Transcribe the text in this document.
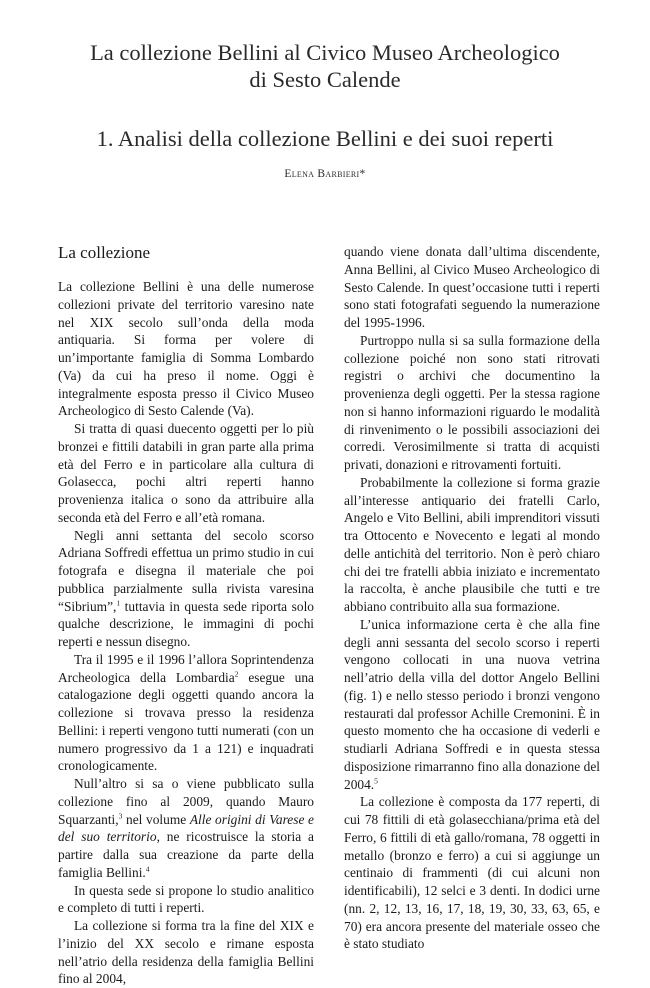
La collezione Bellini al Civico Museo Archeologico
di Sesto Calende
1. Analisi della collezione Bellini e dei suoi reperti
Elena Barbieri*
La collezione

La collezione Bellini è una delle numerose collezioni private del territorio varesino nate nel XIX secolo sull’onda della moda antiquaria. Si forma per volere di un’importante famiglia di Somma Lombardo (Va) da cui ha preso il nome. Oggi è integralmente esposta presso il Civico Museo Archeologico di Sesto Calende (Va).

Si tratta di quasi duecento oggetti per lo più bronzei e fittili databili in gran parte alla prima età del Ferro e in particolare alla cultura di Golasecca, pochi altri reperti hanno provenienza italica o sono da attribuire alla seconda età del Ferro e all’età romana.

Negli anni settanta del secolo scorso Adriana Soffredi effettua un primo studio in cui fotografa e disegna il materiale che poi pubblica parzialmente sulla rivista varesina “Sibrium”,$^1$ tuttavia in questa sede riporta solo qualche descrizione, le immagini di pochi reperti e nessun disegno.

Tra il 1995 e il 1996 l’allora Soprintendenza Archeologica della Lombardia$^2$ esegue una catalogazione degli oggetti quando ancora la collezione si trovava presso la residenza Bellini: i reperti vengono tutti numerati (con un numero progressivo da 1 a 121) e inquadrati cronologicamente.

Null’altro si sa o viene pubblicato sulla collezione fino al 2009, quando Mauro Squarzanti,$^3$ nel volume Alle origini di Varese e del suo territorio, ne ricostruisce la storia a partire dalla sua creazione da parte della famiglia Bellini.$^4$

In questa sede si propone lo studio analitico e completo di tutti i reperti.

La collezione si forma tra la fine del XIX e l’inizio del XX secolo e rimane esposta nell’atrio della residenza della famiglia Bellini fino al 2004,

quando viene donata dall’ultima discendente, Anna Bellini, al Civico Museo Archeologico di Sesto Calende. In quest’occasione tutti i reperti sono stati fotografati seguendo la numerazione del 1995-1996.

Purtroppo nulla si sa sulla formazione della collezione poiché non sono stati ritrovati registri o archivi che documentino la provenienza degli oggetti. Per la stessa ragione non si hanno informazioni riguardo le modalità di rinvenimento o le possibili associazioni dei corredi. Verosimilmente si tratta di acquisti privati, donazioni e ritrovamenti fortuiti.

Probabilmente la collezione si forma grazie all’interesse antiquario dei fratelli Carlo, Angelo e Vito Bellini, abili imprenditori vissuti tra Ottocento e Novecento e legati al mondo delle antichità del territorio. Non è però chiaro chi dei tre fratelli abbia iniziato e incrementato la raccolta, è anche plausibile che tutti e tre abbiano contribuito alla sua formazione.

L’unica informazione certa è che alla fine degli anni sessanta del secolo scorso i reperti vengono collocati in una nuova vetrina nell’atrio della villa del dottor Angelo Bellini (fig. 1) e nello stesso periodo i bronzi vengono restaurati dal professor Achille Cremonini. È in questo momento che ha occasione di vederli e studiarli Adriana Soffredi e in questa stessa disposizione rimarranno fino alla donazione del 2004.$^5$

La collezione è composta da 177 reperti, di cui 78 fittili di età golasecchiana/prima età del Ferro, 6 fittili di età gallo/romana, 78 oggetti in metallo (bronzo e ferro) a cui si aggiunge un centinaio di frammenti (di cui alcuni non identificabili), 12 selci e 3 denti. In dodici urne (nn. 2, 12, 13, 16, 17, 18, 19, 30, 33, 63, 65, e 70) era ancora presente del materiale osseo che è stato studiato
